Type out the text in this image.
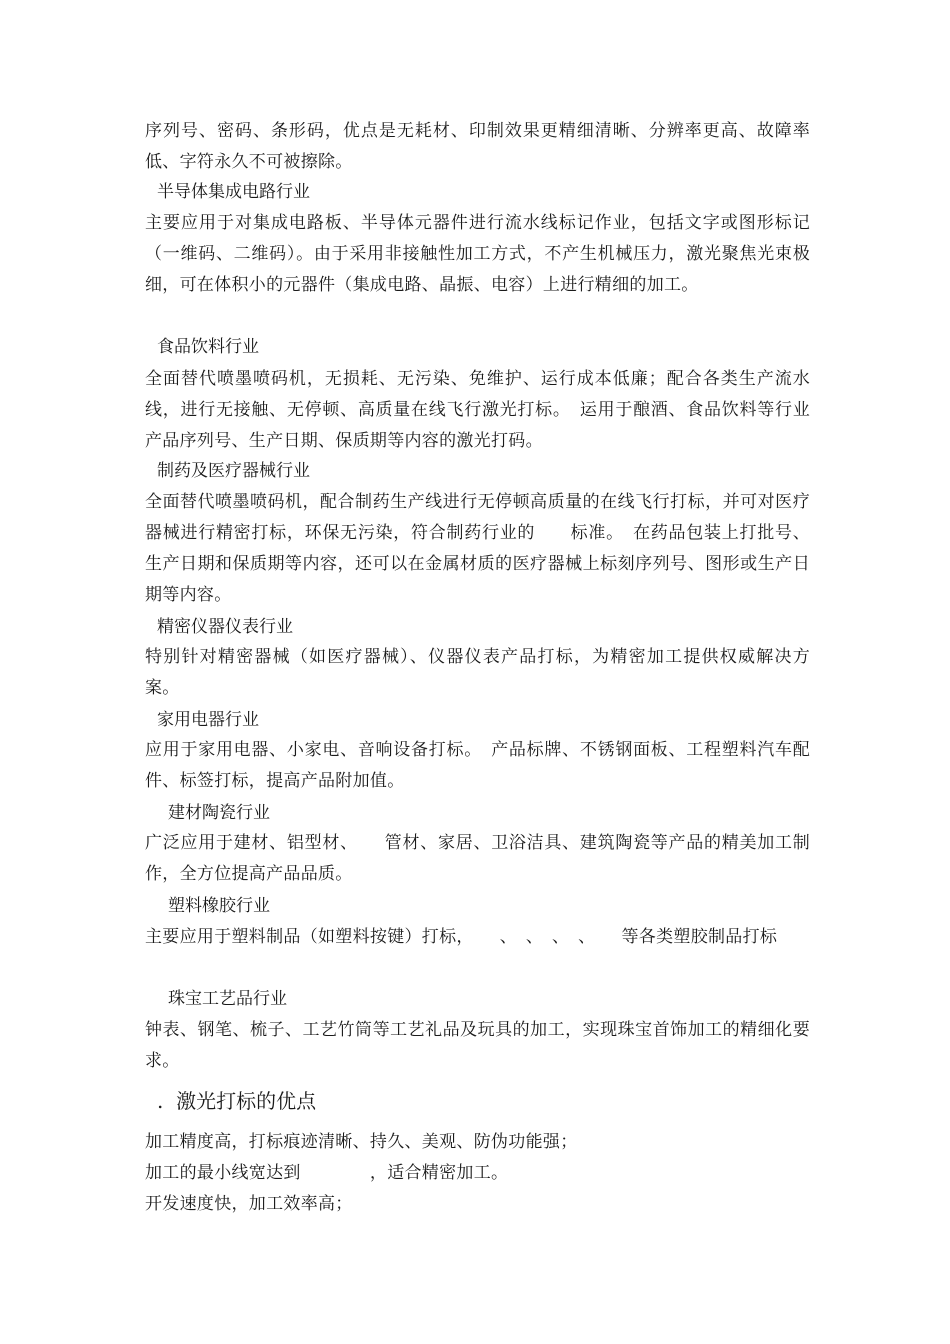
序列号、密码、条形码，优点是无耗材、印制效果更精细清晰、分辨率更高、故障率低、字符永久不可被擦除。

半导体集成电路行业

主要应用于对集成电路板、半导体元器件进行流水线标记作业，包括文字或图形标记（一维码、二维码）。由于采用非接触性加工方式，不产生机械压力，激光聚焦光束极细，可在体积小的元器件（集成电路、晶振、电容）上进行精细的加工。

食品饮料行业

全面替代喷墨喷码机，无损耗、无污染、免维护、运行成本低廉；配合各类生产流水线，进行无接触、无停顿、高质量在线飞行激光打标。　运用于酿酒、食品饮料等行业产品序列号、生产日期、保质期等内容的激光打码。

制药及医疗器械行业

全面替代喷墨喷码机，配合制药生产线进行无停顿高质量的在线飞行打标，并可对医疗器械进行精密打标，环保无污染，符合制药行业的　　标准。　在药品包装上打批号、生产日期和保质期等内容，还可以在金属材质的医疗器械上标刻序列号、图形或生产日期等内容。

精密仪器仪表行业

特别针对精密器械（如医疗器械）、仪器仪表产品打标，为精密加工提供权威解决方案。

家用电器行业

应用于家用电器、小家电、音响设备打标。　产品标牌、不锈钢面板、工程塑料汽车配件、标签打标，提高产品附加值。

建材陶瓷行业

广泛应用于建材、铝型材、　　管材、家居、卫浴洁具、建筑陶瓷等产品的精美加工制作，全方位提高产品品质。

塑料橡胶行业

主要应用于塑料制品（如塑料按键）打标，　　、　、　、　、　　等各类塑胶制品打标

珠宝工艺品行业

钟表、钢笔、梳子、工艺竹筒等工艺礼品及玩具的加工，实现珠宝首饰加工的精细化要求。

.  激光打标的优点

加工精度高，打标痕迹清晰、持久、美观、防伪功能强；

加工的最小线宽达到　　　　，适合精密加工。

开发速度快，加工效率高；
